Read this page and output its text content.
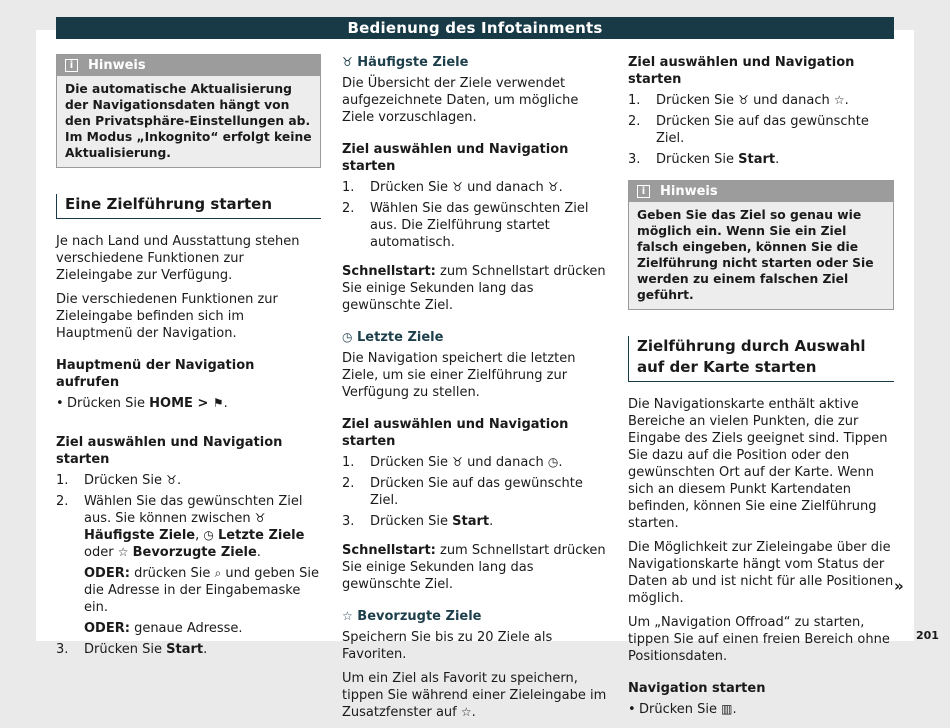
Bedienung des Infotainments
i	Hinweis
Die automatische Aktualisierung der Navigationsdaten hängt von den Privatsphäre-Einstellungen ab. Im Modus „Inkognito“ erfolgt keine Aktualisierung.
Eine Zielführung starten

Je nach Land und Ausstattung stehen verschiedene Funktionen zur Zieleingabe zur Verfügung.

Die verschiedenen Funktionen zur Zieleingabe befinden sich im Hauptmenü der Navigation.

Hauptmenü der Navigation aufrufen
• Drücken Sie HOME > ⚑.
Ziel auswählen und Navigation starten
1.	Drücken Sie ♉.
2.	Wählen Sie das gewünschten Ziel aus. Sie können zwischen ♉ Häufigste Ziele, ◷ Letzte Ziele oder ☆ Bevorzugte Ziele.
ODER: drücken Sie ⌕ und geben Sie die Adresse in der Eingabemaske ein.
ODER: genaue Adresse.
3.	Drücken Sie Start.
♉ Häufigste Ziele

Die Übersicht der Ziele verwendet aufgezeichnete Daten, um mögliche Ziele vorzuschlagen.

Ziel auswählen und Navigation starten
1.	Drücken Sie ♉ und danach ♉.
2.	Wählen Sie das gewünschten Ziel aus. Die Zielführung startet automatisch.

Schnellstart: zum Schnellstart drücken Sie einige Sekunden lang das gewünschte Ziel.

◷ Letzte Ziele

Die Navigation speichert die letzten Ziele, um sie einer Zielführung zur Verfügung zu stellen.

Ziel auswählen und Navigation starten
1.	Drücken Sie ♉ und danach ◷.
2.	Drücken Sie auf das gewünschte Ziel.
3.	Drücken Sie Start.

Schnellstart: zum Schnellstart drücken Sie einige Sekunden lang das gewünschte Ziel.

☆ Bevorzugte Ziele

Speichern Sie bis zu 20 Ziele als Favoriten.

Um ein Ziel als Favorit zu speichern, tippen Sie während einer Zieleingabe im Zusatzfenster auf ☆.

Ziel auswählen und Navigation starten
1.	Drücken Sie ♉ und danach ☆.
2.	Drücken Sie auf das gewünschte Ziel.
3.	Drücken Sie Start.
i	Hinweis
Geben Sie das Ziel so genau wie möglich ein. Wenn Sie ein Ziel falsch eingeben, können Sie die Zielführung nicht starten oder Sie werden zu einem falschen Ziel geführt.
Zielführung durch Auswahl auf der Karte starten

Die Navigationskarte enthält aktive Bereiche an vielen Punkten, die zur Eingabe des Ziels geeignet sind. Tippen Sie dazu auf die Position oder den gewünschten Ort auf der Karte. Wenn sich an diesem Punkt Kartendaten befinden, können Sie eine Zielführung starten.

Die Möglichkeit zur Zieleingabe über die Navigationskarte hängt vom Status der Daten ab und ist nicht für alle Positionen möglich.

Um „Navigation Offroad“ zu starten, tippen Sie auf einen freien Bereich ohne Positionsdaten.

Navigation starten
• Drücken Sie ▥.
»
201
